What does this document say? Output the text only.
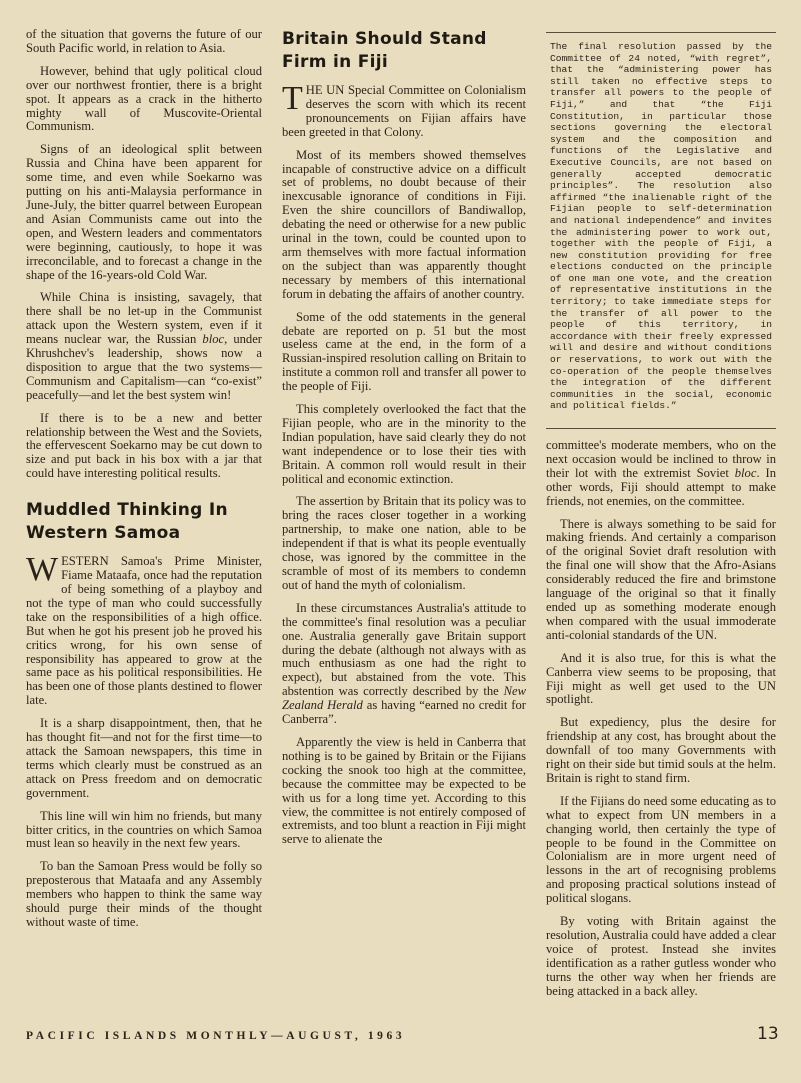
of the situation that governs the future of our South Pacific world, in relation to Asia.

However, behind that ugly political cloud over our northwest frontier, there is a bright spot. It appears as a crack in the hitherto mighty wall of Muscovite-Oriental Communism.

Signs of an ideological split between Russia and China have been apparent for some time, and even while Soekarno was putting on his anti-Malaysia performance in June-July, the bitter quarrel between European and Asian Communists came out into the open, and Western leaders and commentators were beginning, cautiously, to hope it was irreconcilable, and to forecast a change in the shape of the 16-years-old Cold War.

While China is insisting, savagely, that there shall be no let-up in the Communist attack upon the Western system, even if it means nuclear war, the Russian bloc, under Khrushchev's leadership, shows now a disposition to argue that the two systems—Communism and Capitalism—can “co-exist” peacefully—and let the best system win!

If there is to be a new and better relationship between the West and the Soviets, the effervescent Soekarno may be cut down to size and put back in his box with a jar that could have interesting political results.

Muddled Thinking In Western Samoa

WESTERN Samoa's Prime Minister, Fiame Mataafa, once had the reputation of being something of a playboy and not the type of man who could successfully take on the responsibilities of a high office. But when he got his present job he proved his critics wrong, for his own sense of responsibility has appeared to grow at the same pace as his political responsibilities. He has been one of those plants destined to flower late.

It is a sharp disappointment, then, that he has thought fit—and not for the first time—to attack the Samoan newspapers, this time in terms which clearly must be construed as an attack on Press freedom and on democratic government.

This line will win him no friends, but many bitter critics, in the countries on which Samoa must lean so heavily in the next few years.

To ban the Samoan Press would be folly so preposterous that Mataafa and any Assembly members who happen to think the same way should purge their minds of the thought without waste of time.

Britain Should Stand Firm in Fiji

THE UN Special Committee on Colonialism deserves the scorn with which its recent pronouncements on Fijian affairs have been greeted in that Colony.

Most of its members showed themselves incapable of constructive advice on a difficult set of problems, no doubt because of their inexcusable ignorance of conditions in Fiji. Even the shire councillors of Bandiwallop, debating the need or otherwise for a new public urinal in the town, could be counted upon to arm themselves with more factual information on the subject than was apparently thought necessary by members of this international forum in debating the affairs of another country.

Some of the odd statements in the general debate are reported on p. 51 but the most useless came at the end, in the form of a Russian-inspired resolution calling on Britain to institute a common roll and transfer all power to the people of Fiji.

This completely overlooked the fact that the Fijian people, who are in the minority to the Indian population, have said clearly they do not want independence or to lose their ties with Britain. A common roll would result in their political and economic extinction.

The assertion by Britain that its policy was to bring the races closer together in a working partnership, to make one nation, able to be independent if that is what its people eventually chose, was ignored by the committee in the scramble of most of its members to condemn out of hand the myth of colonialism.

In these circumstances Australia's attitude to the committee's final resolution was a peculiar one. Australia generally gave Britain support during the debate (although not always with as much enthusiasm as one had the right to expect), but abstained from the vote. This abstention was correctly described by the New Zealand Herald as having “earned no credit for Canberra”.

Apparently the view is held in Canberra that nothing is to be gained by Britain or the Fijians cocking the snook too high at the committee, because the committee may be expected to be with us for a long time yet. According to this view, the committee is not entirely composed of extremists, and too blunt a reaction in Fiji might serve to alienate the

The final resolution passed by the Committee of 24 noted, “with regret”, that the “administering power has still taken no effective steps to transfer all powers to the people of Fiji,” and that “the Fiji Constitution, in particular those sections governing the electoral system and the composition and functions of the Legislative and Executive Councils, are not based on generally accepted democratic principles”. The resolution also affirmed “the inalienable right of the Fijian people to self-determination and national independence” and invites the administering power to work out, together with the people of Fiji, a new constitution providing for free elections conducted on the principle of one man one vote, and the creation of representative institutions in the territory; to take immediate steps for the transfer of all power to the people of this territory, in accordance with their freely expressed will and desire and without conditions or reservations, to work out with the co-operation of the people themselves the integration of the different communities in the social, economic and political fields.”

committee's moderate members, who on the next occasion would be inclined to throw in their lot with the extremist Soviet bloc. In other words, Fiji should attempt to make friends, not enemies, on the committee.

There is always something to be said for making friends. And certainly a comparison of the original Soviet draft resolution with the final one will show that the Afro-Asians considerably reduced the fire and brimstone language of the original so that it finally ended up as something moderate enough when compared with the usual immoderate anti-colonial standards of the UN.

And it is also true, for this is what the Canberra view seems to be proposing, that Fiji might as well get used to the UN spotlight.

But expediency, plus the desire for friendship at any cost, has brought about the downfall of too many Governments with right on their side but timid souls at the helm. Britain is right to stand firm.

If the Fijians do need some educating as to what to expect from UN members in a changing world, then certainly the type of people to be found in the Committee on Colonialism are in more urgent need of lessons in the art of recognising problems and proposing practical solutions instead of political slogans.

By voting with Britain against the resolution, Australia could have added a clear voice of protest. Instead she invites identification as a rather gutless wonder who turns the other way when her friends are being attacked in a back alley.

PACIFIC ISLANDS MONTHLY—AUGUST, 1963	13
